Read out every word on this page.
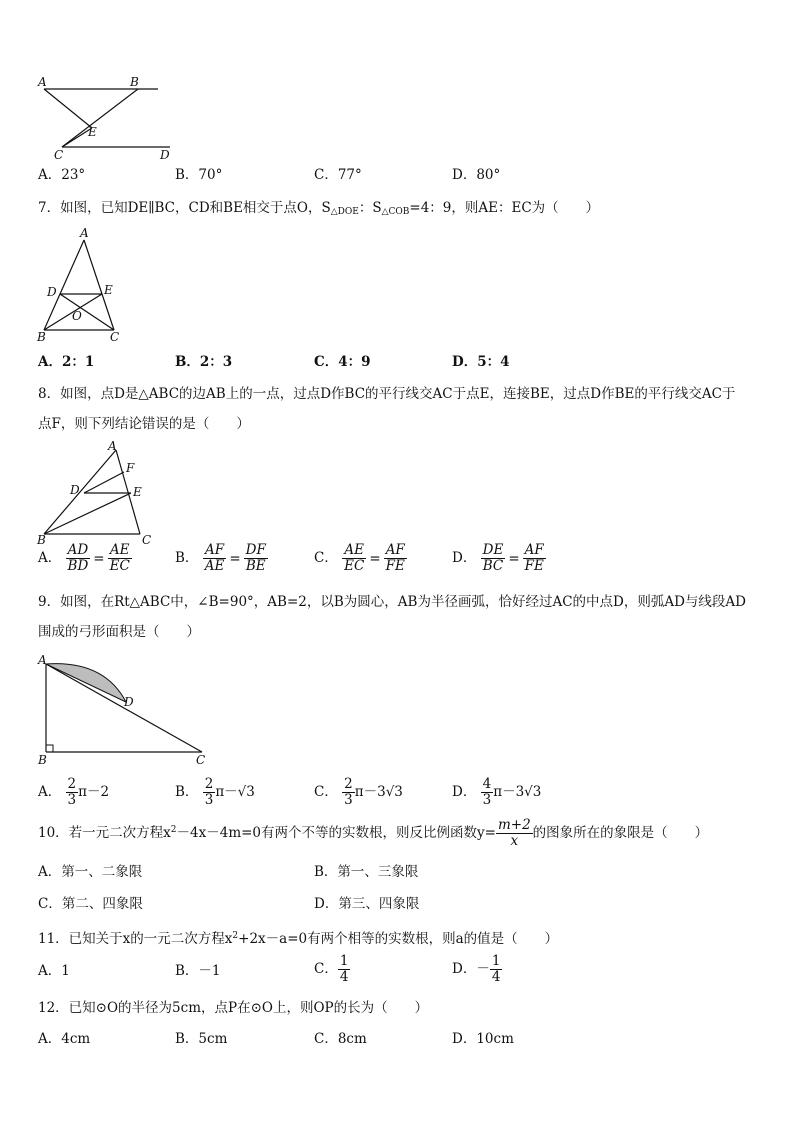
A	B
E
C	D
A．23°	B．70°	C．77°	D．80°
7．如图，已知DE∥BC，CD和BE相交于点O，$S_{\triangle DOE}$：$S_{\triangle COB}=4$：9，则AE：EC为（　　）
A
D	E
O
B	C
A．2：1	B．2：3	C．4：9	D．5：4
8．如图，点D是△ABC的边AB上的一点，过点D作BC的平行线交AC于点E，连接BE，过点D作BE的平行线交AC于
点F，则下列结论错误的是（　　）
A
F
D	E
B	C
A． $\frac{AD}{BD} = \frac{AE}{EC}$	B． $\frac{AF}{AE} = \frac{DF}{BE}$	C． $\frac{AE}{EC} = \frac{AF}{FE}$	D． $\frac{DE}{BC} = \frac{AF}{FE}$
9．如图，在Rt△ABC中，∠B=90°，AB=2，以B为圆心，AB为半径画弧，恰好经过AC的中点D，则弧AD与线段AD
围成的弓形面积是（　　）
A
D
B	C
A． $\frac{2}{3} \pi-2$	B． $\frac{2}{3} \pi-√3$	C． $\frac{2}{3} \pi-3√3$	D． $\frac{4}{3} \pi-3√3$
10．若一元二次方程$x^2-4x-4m=0$有两个不等的实数根，则反比例函数$y= \frac{m+2}{x}$ 的图象所在的象限是（　　）
A．第一、二象限	B．第一、三象限
C．第二、四象限	D．第三、四象限
11．已知关于x的一元二次方程$x^2+2x-a=0$有两个相等的实数根，则a的值是（　　）
A．1	B．－1	C． $\frac{1}{4}$	D．－ $\frac{1}{4}$
12．已知⊙O的半径为5cm，点P在⊙O上，则OP的长为（　　）
A．4cm	B．5cm	C．8cm	D．10cm
